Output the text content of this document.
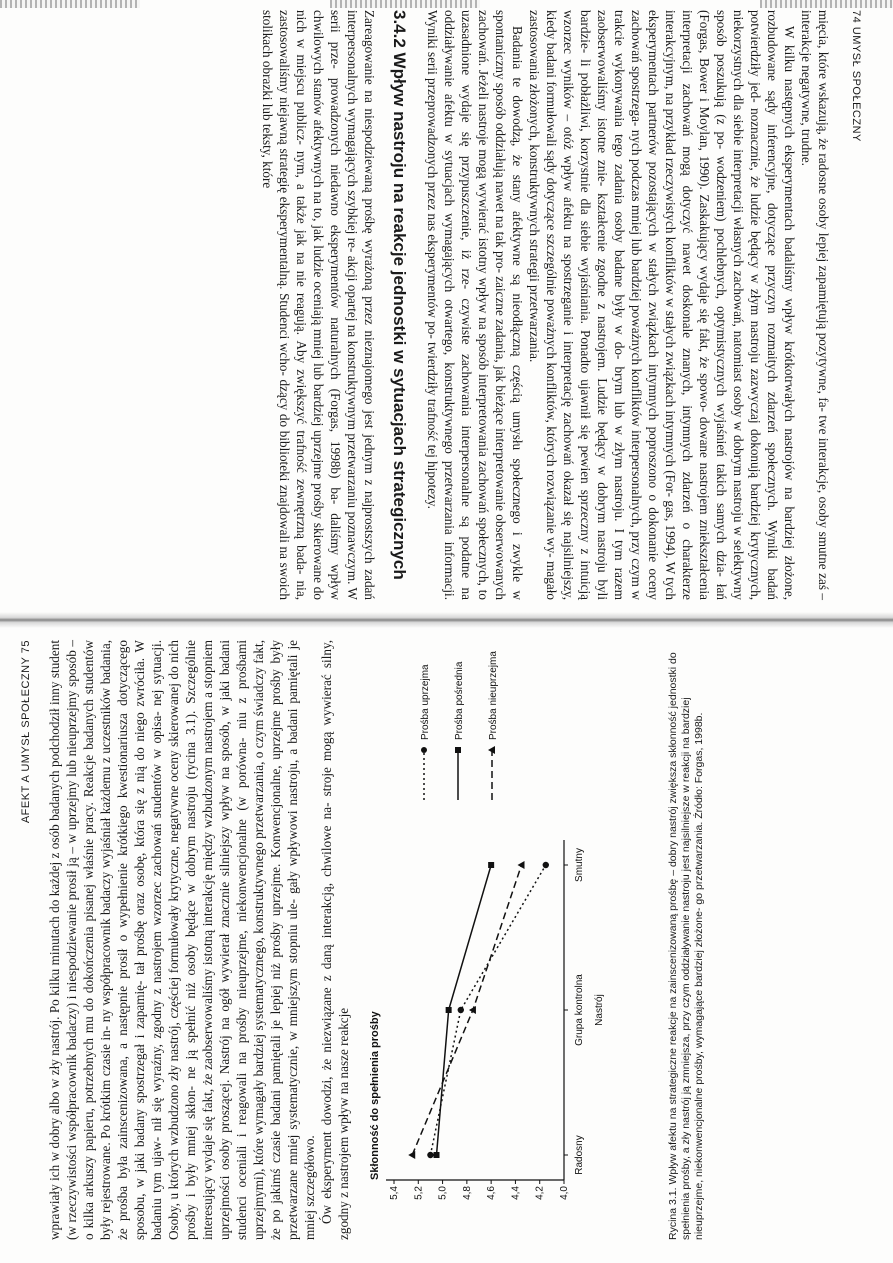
74 UMYSŁ SPOŁECZNY

mięcia, które wskazują, że radosne osoby lepiej zapamiętują pozytywne, fa- twe interakcje, osoby smutne zaś – interakcje negatywne, trudne.

W kilku następnych eksperymentach badaliśmy wpływ krótkotrwałych nastrojów na bardziej złożone, rozbudowane sądy inferencyjne, dotyczące przyczyn rozmaitych zdarzeń społecznych. Wyniki badań potwierdziły jed- noznacznie, że ludzie będący w złym nastroju zazwyczaj dokonują bardziej krytycznych, niekorzystnych dla siebie interpretacji własnych zachowań, natomiast osoby w dobrym nastroju w selektywny sposób poszukują (z po- wodzeniem) pochlebnych, optymistycznych wyjaśnień takich samych dzia- łań (Forgas, Bower i Moylan, 1990). Zaskakujący wydaje się fakt, że spowo- dowane nastrojem zniekształcenia interpretacji zachowań mogą dotyczyć nawet doskonale znanych, intymnych zdarzeń o charakterze interakcyjnym, na przykład rzeczywistych konfliktów w stałych związkach intymnych (For- gas, 1994). W tych eksperymentach partnerów pozostających w stałych związkach intymnych poproszono o dokonanie oceny zachowań spostrzega- nych podczas mniej lub bardziej poważnych konfliktów interpersonalnych, przy czym w trakcie wykonywania tego zadania osoby badane były w do- brym lub w złym nastroju. I tym razem zaobserwowaliśmy istotne znie- kształcenie zgodne z nastrojem. Ludzie będący w dobrym nastroju byli bardzie- li pobłażliwi, korzystnie dla siebie wyjaśniania. Ponadto ujawnił się pewien sprzeczny z intuicją wzorzec wyników – otóż wpływ afektu na spostrzeganie i interpretację zachowań okazał się najsilniejszy, kiedy badani formułowali sądy dotyczące szczególnie poważnych konfliktów, których rozwiązanie wy- magało zastosowania złożonych, konstruktywnych strategii przetwarzania.

Badania te dowodzą, że stany afektywne są nieodłączną częścią umysłu społecznego i zwykle w spontaniczny sposób oddziałują nawet na tak pro- zaiczne zadania, jak bieżące interpretowanie obserwowanych zachowań. Jeżeli nastroje mogą wywierać istotny wpływ na sposób interpretowania zachowań społecznych, to uzasadnione wydaje się przypuszczenie, iż rze- czywiste zachowania interpersonalne są podatne na oddziaływanie afektu w sytuacjach wymagających otwartego, konstruktywnego przetwarzania informacji. Wyniki serii przeprowadzonych przez nas eksperymentów po- twierdziły trafność tej hipotezy.

3.4.2 Wpływ nastroju na reakcje jednostki w sytuacjach strategicznych

Zareagowanie na niespodziewaną prośbę wyrażoną przez nieznajomego jest jednym z najprostszych zadań interpersonalnych wymagających szybkiej re- akcji opartej na konstruktywnym przetwarzaniu poznawczym. W serii prze- prowadzonych niedawno eksperymentów naturalnych (Forgas, 1998b) ba- daliśmy wpływ chwilowych stanów afektywnych na to, jak ludzie oceniają mniej lub bardziej uprzejme prośby skierowane do nich w miejscu publicz- nym, a także jak na nie reagują. Aby zwiększyć trafność zewnętrzną bada- nia, zastosowaliśmy niejawną strategię eksperymentalną. Studenci wcho- dzący do biblioteki znajdowali na swoich stolikach obrazki lub teksty, które

AFEKT A UMYSŁ SPOŁECZNY 75 wprawiały ich w dobry albo w zły nastrój. Po kilku minutach do każdej z osób badanych podchodził inny student (w rzeczywistości współpracownik badaczy) i niespodziewanie prosił ją – w uprzejmy lub nieuprzejmy sposób – o kilka arkuszy papieru, potrzebnych mu do dokończenia pisanej właśnie pracy. Reakcje badanych studentów były rejestrowane. Po krótkim czasie in- ny współpracownik badaczy wyjaśniał każdemu z uczestników badania, że prośba była zainscenizowana, a następnie prosił o wypełnienie krótkiego kwestionariusza dotyczącego sposobu, w jaki badany spostrzegał i zapamię- tał prośbę oraz osobę, która się z nią do niego zwróciła. W badaniu tym ujaw- nił się wyraźny, zgodny z nastrojem wzorzec zachowań studentów w opisa- nej sytuacji. Osoby, u których wzbudzono zły nastrój, częściej formułowały krytyczne, negatywne oceny skierowanej do nich prośby i były mniej skłon- ne ją spełnić niż osoby będące w dobrym nastroju (rycina 3.1). Szczególnie interesujący wydaje się fakt, że zaobserwowaliśmy istotną interakcję między wzbudzonym nastrojem a stopniem uprzejmości osoby proszącej. Nastrój na ogół wywierał znacznie silniejszy wpływ na sposób, w jaki badani studenci oceniali i reagowali na prośby nieuprzejme, niekonwencjonalne (w porówna- niu z prośbami uprzejmymi), które wymagały bardziej systematycznego, konstruktywnego przetwarzania, o czym świadczy fakt, że po jakimś czasie badani pamiętali je lepiej niż prośby uprzejme. Konwencjonalne, uprzejme prośby były przetwarzane mniej systematycznie, w mniejszym stopniu ule- gały wpływowi nastroju, a badani pamiętali je mniej szczegółowo. Ów eksperyment dowodzi, że niezwiązane z daną interakcją, chwilowe na- stroje mogą wywierać silny, zgodny z nastrojem wpływ na nasze reakcje Skłonność do spełnienia prośby
4,0
4,2
4,4
4,6
4,8
5,0
5,2
5,4
Radosny
Grupa kontrolna
Smutny
Nastrój
Prośba uprzejma Prośba pośrednia Prośba nieuprzejma	Rycina 3.1. Wpływ afektu na strategiczne reakcje na zainscenizowaną prośbę – dobry nastrój zwiększa skłonność jednostki do spełnienia prośby, a zły nastrój ją zmniejsza, przy czym oddziaływanie nastroju jest najsilniejsze w reakcji na bardziej nieuprzejme, niekonwencjonalne prośby, wymagające bardziej złożone- go przetwarzania. Źródło: Forgas, 1998b.
